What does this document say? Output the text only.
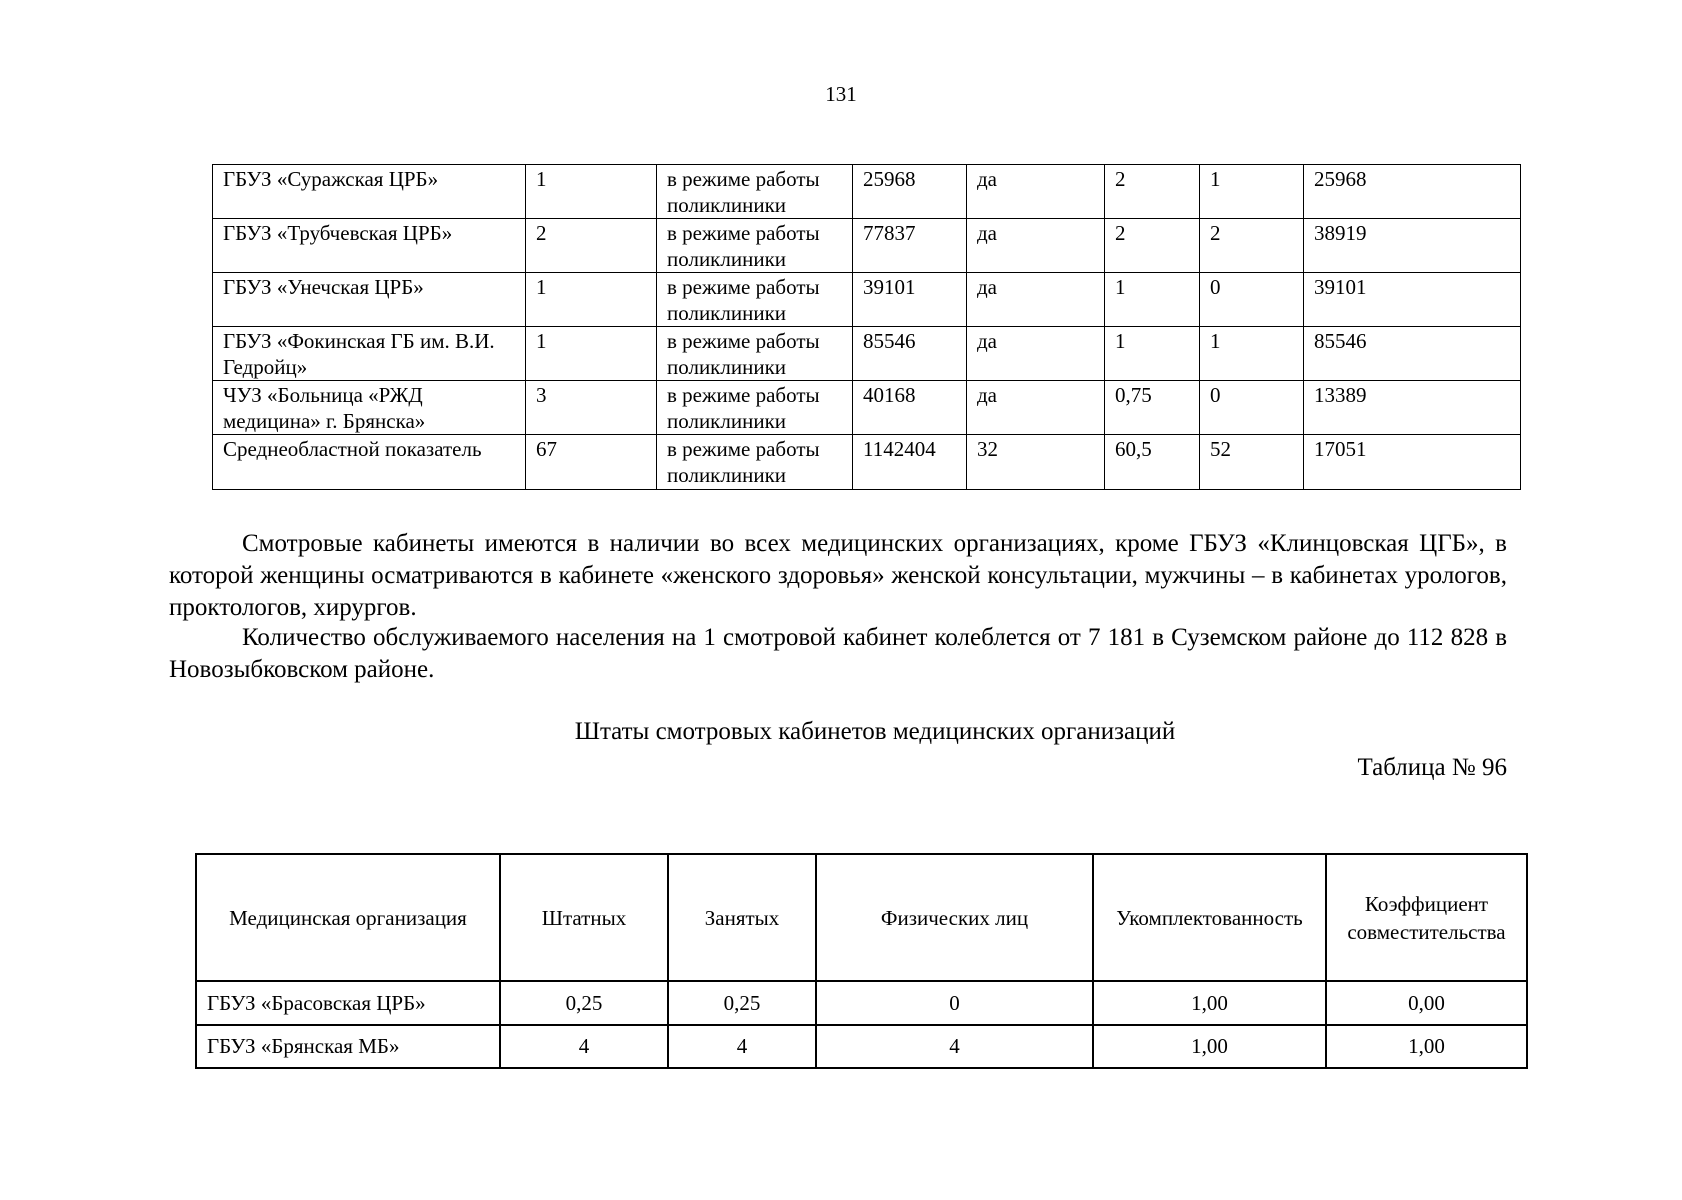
131
ГБУЗ «Суражская ЦРБ»	1	в режиме работы поликлиники	25968	да	2	1	25968
ГБУЗ «Трубчевская ЦРБ»	2	в режиме работы поликлиники	77837	да	2	2	38919
ГБУЗ «Унечская ЦРБ»	1	в режиме работы поликлиники	39101	да	1	0	39101
ГБУЗ «Фокинская ГБ им. В.И. Гедройц»	1	в режиме работы поликлиники	85546	да	1	1	85546
ЧУЗ «Больница «РЖД медицина» г. Брянска»	3	в режиме работы поликлиники	40168	да	0,75	0	13389
Среднеобластной показатель	67	в режиме работы поликлиники	1142404	32	60,5	52	17051
Смотровые кабинеты имеются в наличии во всех медицинских организациях, кроме ГБУЗ «Клинцовская ЦГБ», в которой женщины осматриваются в кабинете «женского здоровья» женской консультации, мужчины – в кабинетах урологов, проктологов, хирургов.
Количество обслуживаемого населения на 1 смотровой кабинет колеблется от 7 181 в Суземском районе до 112 828 в Новозыбковском районе.
Штаты смотровых кабинетов медицинских организаций
Таблица № 96
Медицинская организация	Штатных	Занятых	Физических лиц	Укомплектованность	Коэффициент совместительства
ГБУЗ «Брасовская ЦРБ»	0,25	0,25	0	1,00	0,00
ГБУЗ «Брянская МБ»	4	4	4	1,00	1,00
